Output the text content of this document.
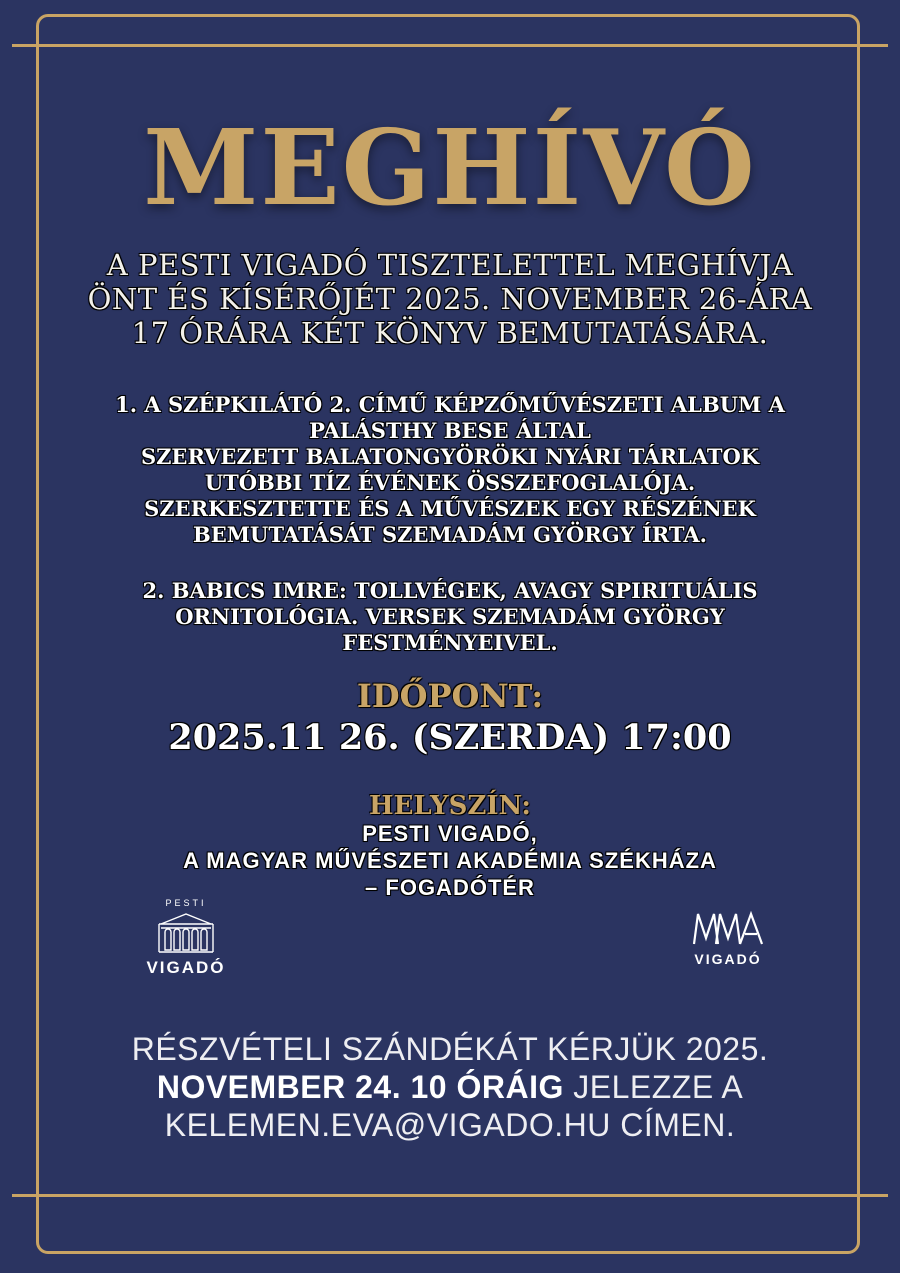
MEGHÍVÓ
A PESTI VIGADÓ TISZTELETTEL MEGHÍVJA
ÖNT ÉS KÍSÉRŐJÉT 2025. NOVEMBER 26-ÁRA
17 ÓRÁRA KÉT KÖNYV BEMUTATÁSÁRA.
1. A SZÉPKILÁTÓ 2. CÍMŰ KÉPZŐMŰVÉSZETI ALBUM A
PALÁSTHY BESE ÁLTAL
SZERVEZETT BALATONGYÖRÖKI NYÁRI TÁRLATOK
UTÓBBI TÍZ ÉVÉNEK ÖSSZEFOGLALÓJA.
SZERKESZTETTE ÉS A MŰVÉSZEK EGY RÉSZÉNEK
BEMUTATÁSÁT SZEMADÁM GYÖRGY ÍRTA.
2. BABICS IMRE: TOLLVÉGEK, AVAGY SPIRITUÁLIS
ORNITOLÓGIA. VERSEK SZEMADÁM GYÖRGY
FESTMÉNYEIVEL.
IDŐPONT:
2025.11 26. (SZERDA) 17:00
HELYSZÍN:
PESTI VIGADÓ,
A MAGYAR MŰVÉSZETI AKADÉMIA SZÉKHÁZA
– FOGADÓTÉR
PESTI
VIGADÓ	VIGADÓ
RÉSZVÉTELI SZÁNDÉKÁT KÉRJÜK 2025.
NOVEMBER 24. 10 ÓRÁIG JELEZZE A
KELEMEN.EVA@VIGADO.HU CÍMEN.
